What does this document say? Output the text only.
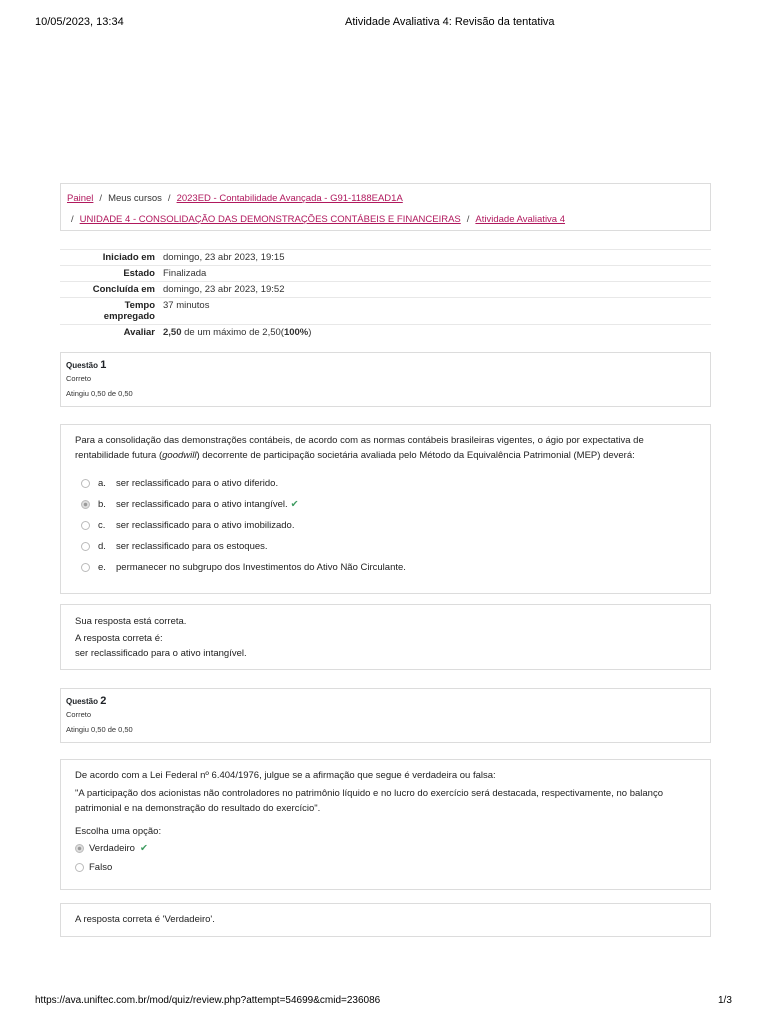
10/05/2023, 13:34	Atividade Avaliativa 4: Revisão da tentativa
Painel / Meus cursos / 2023ED - Contabilidade Avançada - G91-1188EAD1A
/ UNIDADE 4 - CONSOLIDAÇÃO DAS DEMONSTRAÇÕES CONTÁBEIS E FINANCEIRAS / Atividade Avaliativa 4
Iniciado em	domingo, 23 abr 2023, 19:15
Estado	Finalizada
Concluída em	domingo, 23 abr 2023, 19:52
Tempo
empregado	37 minutos
Avaliar	2,50 de um máximo de 2,50(100%)
Questão 1
Correto
Atingiu 0,50 de 0,50
Para a consolidação das demonstrações contábeis, de acordo com as normas contábeis brasileiras vigentes, o ágio por expectativa de
rentabilidade futura (goodwill) decorrente de participação societária avaliada pelo Método da Equivalência Patrimonial (MEP) deverá:
a.	ser reclassificado para o ativo diferido.
b.	ser reclassificado para o ativo intangível. ✔
c.	ser reclassificado para o ativo imobilizado.
d.	ser reclassificado para os estoques.
e.	permanecer no subgrupo dos Investimentos do Ativo Não Circulante.
Sua resposta está correta.
A resposta correta é:
ser reclassificado para o ativo intangível.
Questão 2
Correto
Atingiu 0,50 de 0,50
De acordo com a Lei Federal nº 6.404/1976, julgue se a afirmação que segue é verdadeira ou falsa:
"A participação dos acionistas não controladores no patrimônio líquido e no lucro do exercício será destacada, respectivamente, no balanço
patrimonial e na demonstração do resultado do exercício".
Escolha uma opção:
Verdadeiro ✔
Falso
A resposta correta é 'Verdadeiro'.
https://ava.uniftec.com.br/mod/quiz/review.php?attempt=54699&cmid=236086	1/3
